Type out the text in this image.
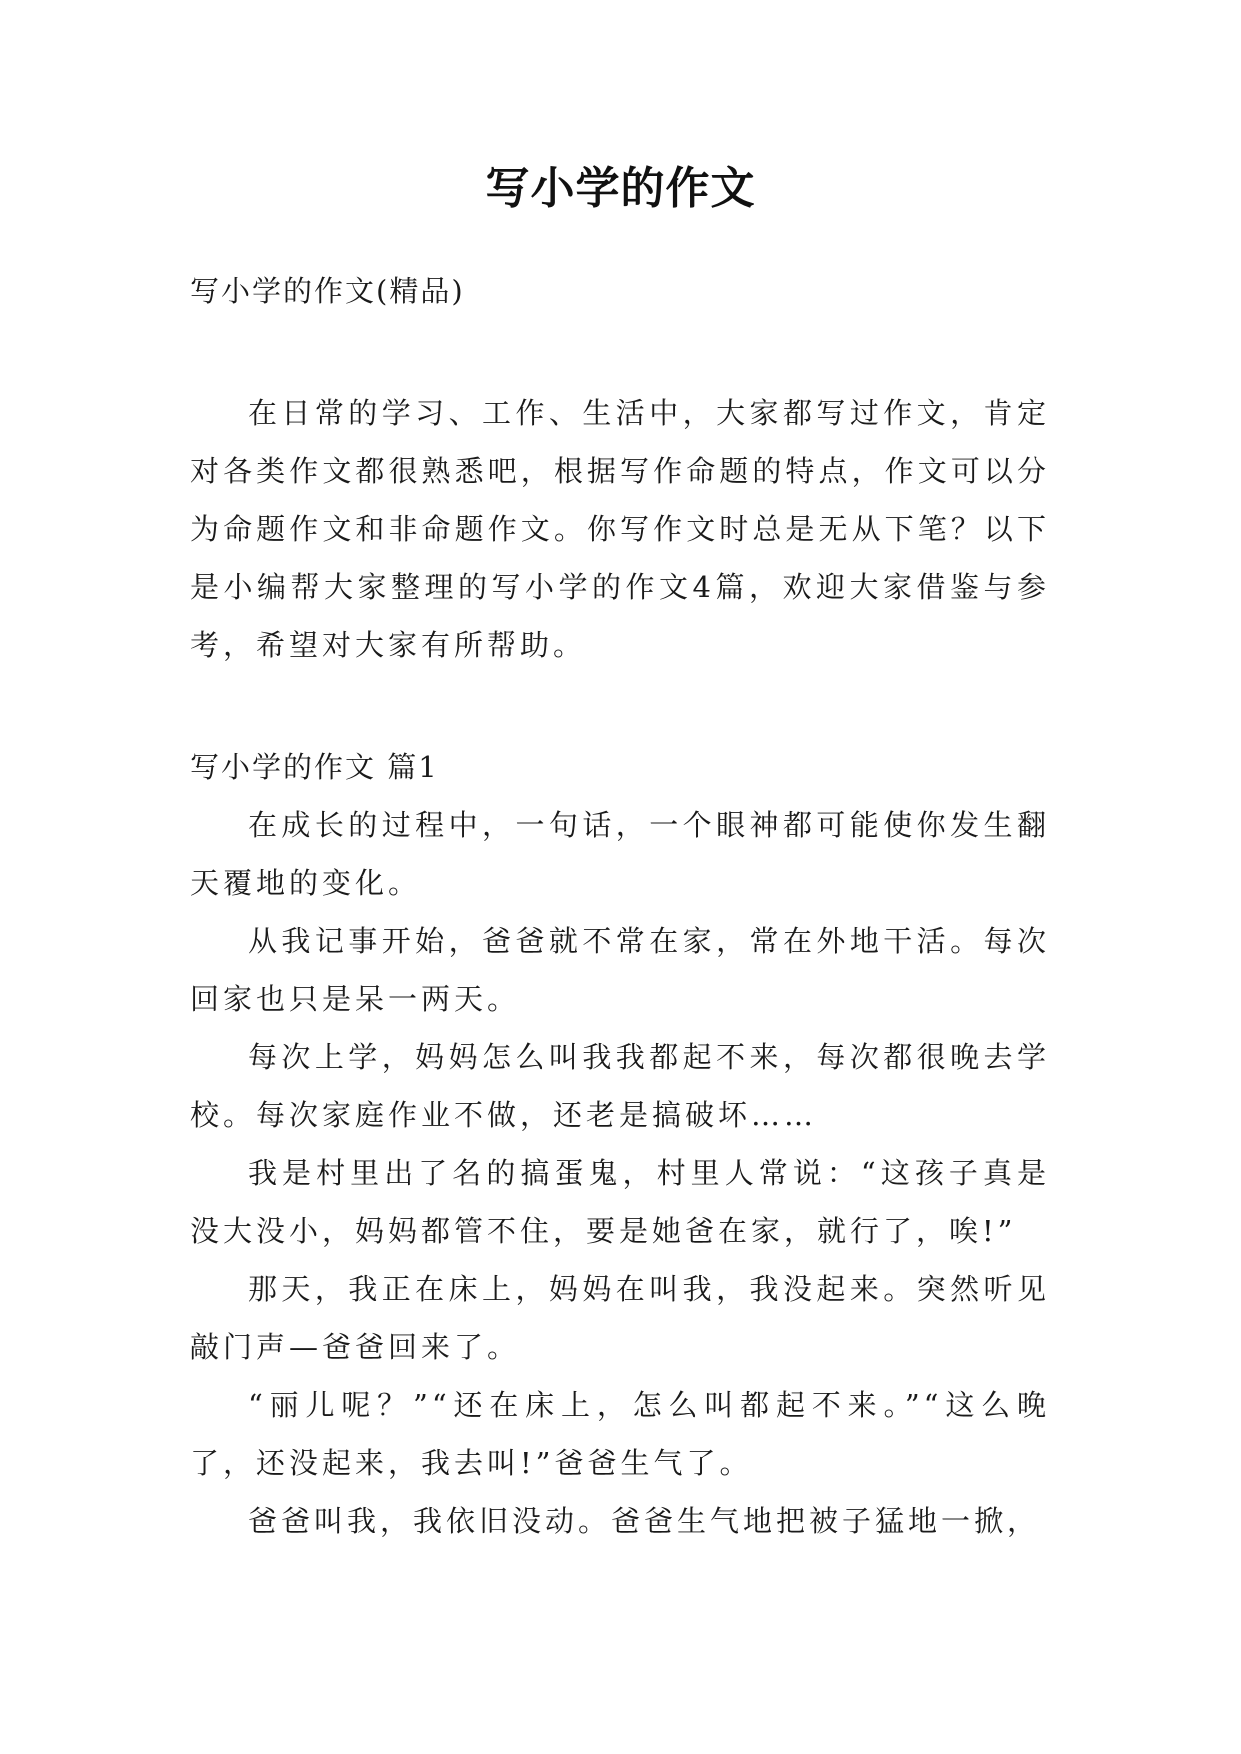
写小学的作文

写小学的作文(精品)

在日常的学习、工作、生活中，大家都写过作文，肯定对各类作文都很熟悉吧，根据写作命题的特点，作文可以分为命题作文和非命题作文。你写作文时总是无从下笔？以下是小编帮大家整理的写小学的作文4篇，欢迎大家借鉴与参考，希望对大家有所帮助。

写小学的作文 篇1

在成长的过程中，一句话，一个眼神都可能使你发生翻天覆地的变化。

从我记事开始，爸爸就不常在家，常在外地干活。每次回家也只是呆一两天。

每次上学，妈妈怎么叫我我都起不来，每次都很晚去学校。每次家庭作业不做，还老是搞破坏……

我是村里出了名的搞蛋鬼，村里人常说：“这孩子真是没大没小，妈妈都管不住，要是她爸在家，就行了，唉!”

那天，我正在床上，妈妈在叫我，我没起来。突然听见敲门声—爸爸回来了。

“丽儿呢？”“还在床上，怎么叫都起不来。”“这么晚了，还没起来，我去叫!”爸爸生气了。

爸爸叫我，我依旧没动。爸爸生气地把被子猛地一掀，
